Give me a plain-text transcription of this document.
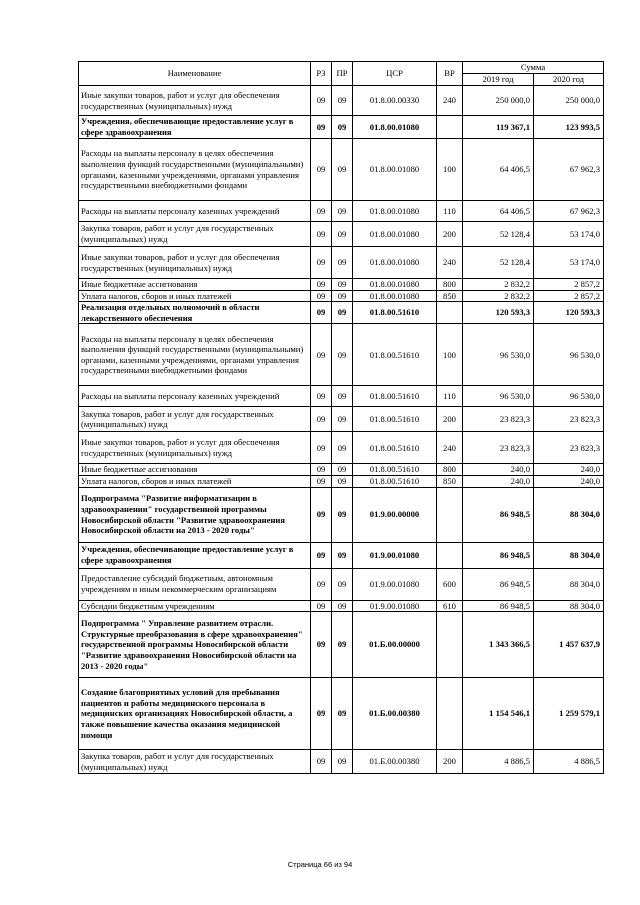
Наименование	РЗ	ПР	ЦСР	ВР	Сумма	
					2019 год	2020 год
Иные закупки товаров, работ и услуг для обеспечения государственных (муниципальных) нужд	09	09	01.8.00.00330	240	250 000,0	250 000,0
Учреждения, обеспечивающие предоставление услуг в сфере здравоохранения	09	09	01.8.00.01080		119 367,1	123 993,5
Расходы на выплаты персоналу в целях обеспечения выполнения функций государственными (муниципальными) органами, казенными учреждениями, органами управления государственными внебюджетными фондами	09	09	01.8.00.01080	100	64 406,5	67 962,3
Расходы на выплаты персоналу казенных учреждений	09	09	01.8.00.01080	110	64 406,5	67 962,3
Закупка товаров, работ и услуг для государственных (муниципальных) нужд	09	09	01.8.00.01080	200	52 128,4	53 174,0
Иные закупки товаров, работ и услуг для обеспечения государственных (муниципальных) нужд	09	09	01.8.00.01080	240	52 128,4	53 174,0
Иные бюджетные ассигнования	09	09	01.8.00.01080	800	2 832,2	2 857,2
Уплата налогов, сборов и иных платежей	09	09	01.8.00.01080	850	2 832,2	2 857,2
Реализация отдельных полномочий в области лекарственного обеспечения	09	09	01.8.00.51610		120 593,3	120 593,3
Расходы на выплаты персоналу в целях обеспечения выполнения функций государственными (муниципальными) органами, казенными учреждениями, органами управления государственными внебюджетными фондами	09	09	01.8.00.51610	100	96 530,0	96 530,0
Расходы на выплаты персоналу казенных учреждений	09	09	01.8.00.51610	110	96 530,0	96 530,0
Закупка товаров, работ и услуг для государственных (муниципальных) нужд	09	09	01.8.00.51610	200	23 823,3	23 823,3
Иные закупки товаров, работ и услуг для обеспечения государственных (муниципальных) нужд	09	09	01.8.00.51610	240	23 823,3	23 823,3
Иные бюджетные ассигнования	09	09	01.8.00.51610	800	240,0	240,0
Уплата налогов, сборов и иных платежей	09	09	01.8.00.51610	850	240,0	240,0
Подпрограмма "Развитие информатизации в здравоохранении" государственной программы Новосибирской области "Развитие здравоохранения Новосибирской области на 2013 - 2020 годы"	09	09	01.9.00.00000		86 948,5	88 304,0
Учреждения, обеспечивающие предоставление услуг в сфере здравоохранения	09	09	01.9.00.01080		86 948,5	88 304,0
Предоставление субсидий бюджетным, автономным учреждениям и иным некоммерческим организациям	09	09	01.9.00.01080	600	86 948,5	88 304,0
Субсидии бюджетным учреждениям	09	09	01.9.00.01080	610	86 948,5	88 304,0
Подпрограмма " Управление развитием отрасли. Структурные преобразования в сфере здравоохранения" государственной программы Новосибирской области "Развитие здравоохранения Новосибирской области на 2013 - 2020 годы"	09	09	01.Б.00.00000		1 343 366,5	1 457 637,9
Создание благоприятных условий для пребывания пациентов и работы медицинского персонала в медицинских организациях Новосибирской области, а также повышение качества оказания медицинской помощи	09	09	01.Б.00.00380		1 154 546,1	1 259 579,1
Закупка товаров, работ и услуг для государственных (муниципальных) нужд	09	09	01.Б.00.00380	200	4 886,5	4 886,5
Страница 66 из 94
